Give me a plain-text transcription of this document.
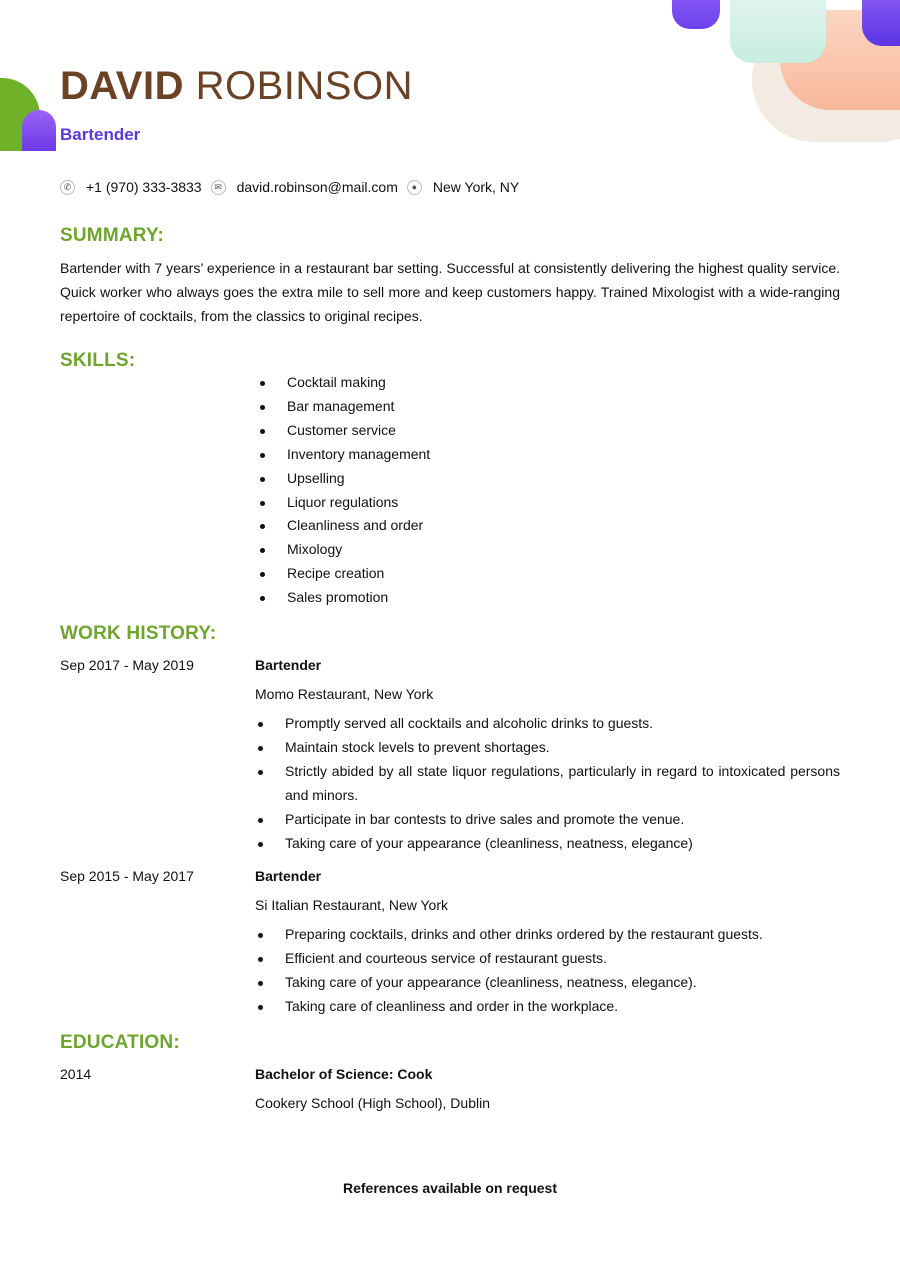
DAVID ROBINSON
Bartender
✆ +1 (970) 333-3833	✉ david.robinson@mail.com	●	New York, NY
SUMMARY:

Bartender with 7 years’ experience in a restaurant bar setting. Successful at consistently delivering the highest quality service. Quick worker who always goes the extra mile to sell more and keep customers happy. Trained Mixologist with a wide-ranging repertoire of cocktails, from the classics to original recipes.

SKILLS:
Cocktail making
Bar management
Customer service
Inventory management
Upselling
Liquor regulations
Cleanliness and order
Mixology
Recipe creation
Sales promotion
WORK HISTORY:
Sep 2017 - May 2019	Bartender
Momo Restaurant, New York
Promptly served all cocktails and alcoholic drinks to guests.
Maintain stock levels to prevent shortages.
Strictly abided by all state liquor regulations, particularly in regard to intoxicated persons and minors.
Participate in bar contests to drive sales and promote the venue.
Taking care of your appearance (cleanliness, neatness, elegance)
Sep 2015 - May 2017	Bartender
Si Italian Restaurant, New York
Preparing cocktails, drinks and other drinks ordered by the restaurant guests.
Efficient and courteous service of restaurant guests.
Taking care of your appearance (cleanliness, neatness, elegance).
Taking care of cleanliness and order in the workplace.
EDUCATION:
2014	Bachelor of Science: Cook
Cookery School (High School), Dublin
References available on request
